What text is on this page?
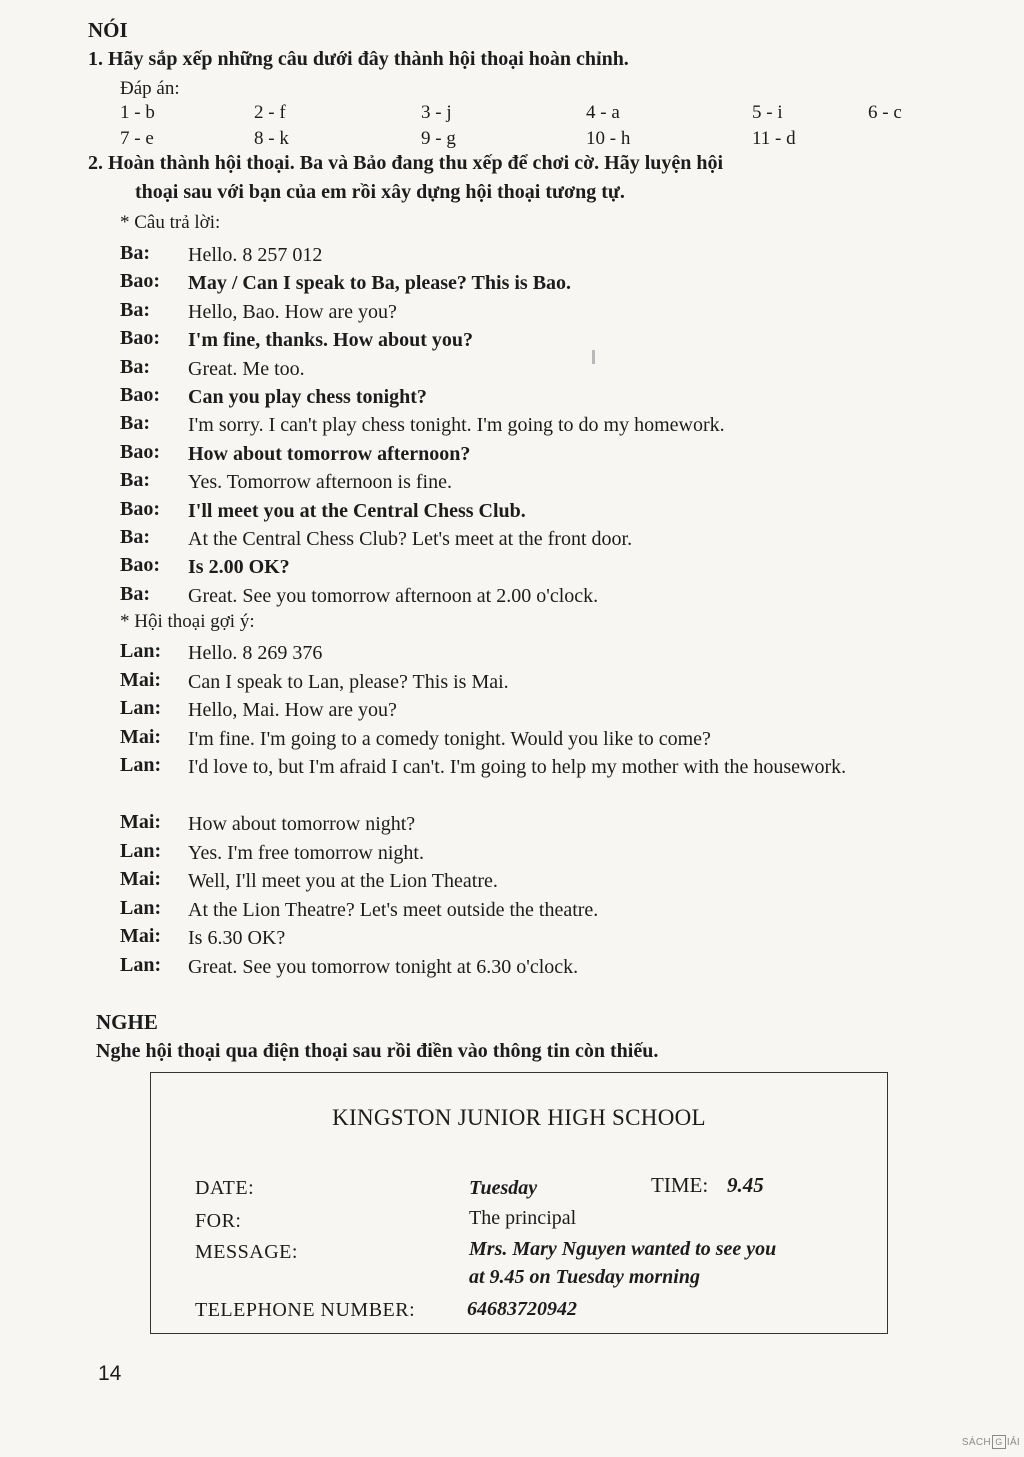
NÓI
1. Hãy sắp xếp những câu dưới đây thành hội thoại hoàn chỉnh.
Đáp án:
1 - b	2 - f	3 - j	4 - a	5 - i	6 - c
7 - e	8 - k	9 - g	10 - h	11 - d
2. Hoàn thành hội thoại. Ba và Bảo đang thu xếp để chơi cờ. Hãy luyện hội
thoại sau với bạn của em rồi xây dựng hội thoại tương tự.
* Câu trả lời:
Ba: Hello. 8 257 012
Bao: May / Can I speak to Ba, please? This is Bao.
Ba: Hello, Bao. How are you?
Bao: I'm fine, thanks. How about you?
Ba: Great. Me too.
Bao: Can you play chess tonight?
Ba: I'm sorry. I can't play chess tonight. I'm going to do my homework.
Bao: How about tomorrow afternoon?
Ba: Yes. Tomorrow afternoon is fine.
Bao: I'll meet you at the Central Chess Club.
Ba: At the Central Chess Club? Let's meet at the front door.
Bao: Is 2.00 OK?
Ba: Great. See you tomorrow afternoon at 2.00 o'clock.
* Hội thoại gợi ý:
Lan: Hello. 8 269 376
Mai: Can I speak to Lan, please? This is Mai.
Lan: Hello, Mai. How are you?
Mai: I'm fine. I'm going to a comedy tonight. Would you like to come?
Lan: I'd love to, but I'm afraid I can't. I'm going to help my mother with the housework.
Mai: How about tomorrow night?
Lan: Yes. I'm free tomorrow night.
Mai: Well, I'll meet you at the Lion Theatre.
Lan: At the Lion Theatre? Let's meet outside the theatre.
Mai: Is 6.30 OK?
Lan: Great. See you tomorrow tonight at 6.30 o'clock.
NGHE
Nghe hội thoại qua điện thoại sau rồi điền vào thông tin còn thiếu.
KINGSTON JUNIOR HIGH SCHOOL
DATE:	Tuesday	TIME: 9.45
FOR:	The principal
MESSAGE:	Mrs. Mary Nguyen wanted to see you
at 9.45 on Tuesday morning
TELEPHONE NUMBER:	64683720942
14
SÁCH G IẢI
